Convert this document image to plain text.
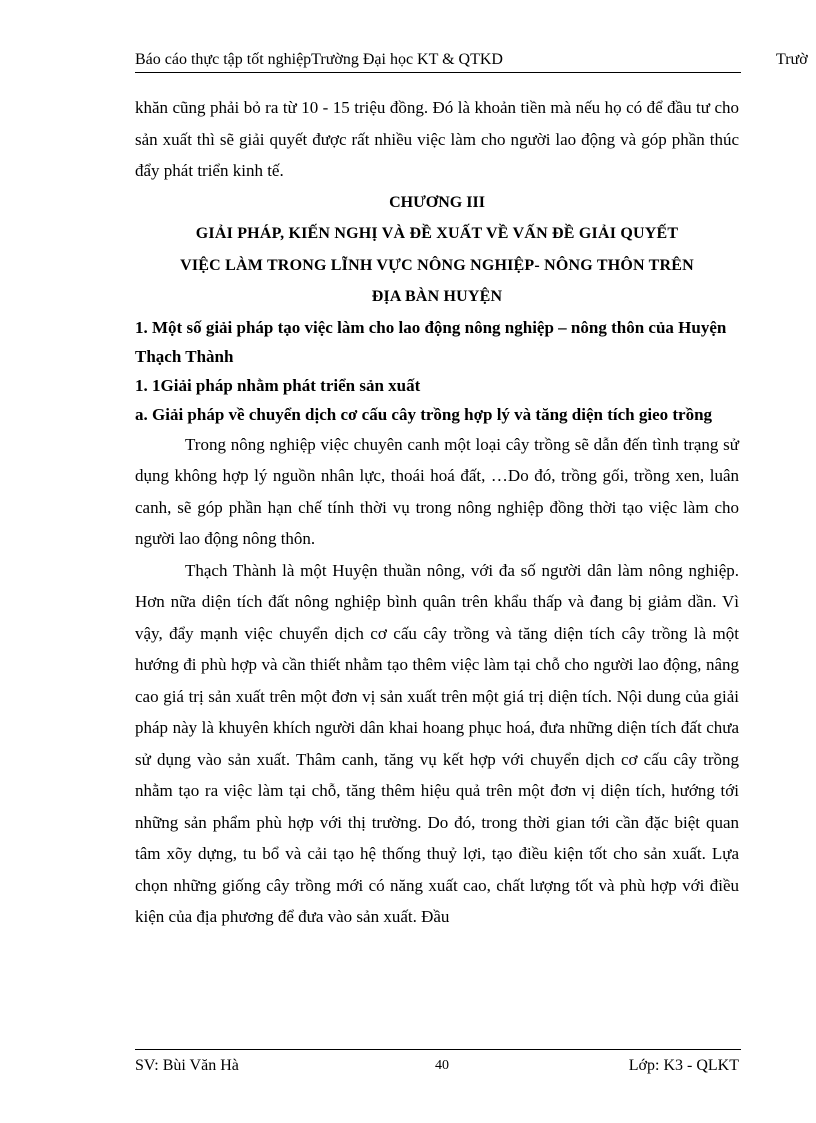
Báo cáo thực tập tốt nghiệpTrường Đại học KT & QTKD	Trườ

khăn cũng phải bỏ ra từ 10 - 15 triệu đồng. Đó là khoản tiền mà nếu họ có để đầu tư cho sản xuất thì sẽ giải quyết được rất nhiều việc làm cho người lao động và góp phần thúc đẩy phát triển kinh tế.

CHƯƠNG III

GIẢI PHÁP, KIẾN NGHỊ VÀ ĐỀ XUẤT VỀ VẤN ĐỀ GIẢI QUYẾT

VIỆC LÀM TRONG LĨNH VỰC NÔNG NGHIỆP- NÔNG THÔN TRÊN

ĐỊA BÀN HUYỆN

1. Một số giải pháp tạo việc làm cho lao động nông nghiệp – nông thôn của Huyện Thạch Thành

1. 1Giải pháp nhằm phát triển sản xuất

a. Giải pháp về chuyển dịch cơ cấu cây trồng hợp lý và tăng diện tích gieo trồng

Trong nông nghiệp việc chuyên canh một loại cây trồng sẽ dẫn đến tình trạng sử dụng không hợp lý nguồn nhân lực, thoái hoá đất, …Do đó, trồng gối, trồng xen, luân canh, sẽ góp phần hạn chế tính thời vụ trong nông nghiệp đồng thời tạo việc làm cho người lao động nông thôn.

Thạch Thành là một Huyện thuần nông, với đa số người dân làm nông nghiệp. Hơn nữa diện tích đất nông nghiệp bình quân trên khẩu thấp và đang bị giảm dần. Vì vậy, đẩy mạnh việc chuyển dịch cơ cấu cây trồng và tăng diện tích cây trồng là một hướng đi phù hợp và cần thiết nhằm tạo thêm việc làm tại chỗ cho người lao động, nâng cao giá trị sản xuất trên một đơn vị sản xuất trên một giá trị diện tích. Nội dung của giải pháp này là khuyên khích người dân khai hoang phục hoá, đưa những diện tích đất chưa sử dụng vào sản xuất. Thâm canh, tăng vụ kết hợp với chuyển dịch cơ cấu cây trồng nhằm tạo ra việc làm tại chỗ, tăng thêm hiệu quả trên một đơn vị diện tích, hướng tới những sản phẩm phù hợp với thị trường. Do đó, trong thời gian tới cần đặc biệt quan tâm xõy dựng, tu bổ và cải tạo hệ thống thuỷ lợi, tạo điều kiện tốt cho sản xuất. Lựa chọn những giống cây trồng mới có năng xuất cao, chất lượng tốt và phù hợp với điều kiện của địa phương để đưa vào sản xuất. Đầu

SV: Bùi Văn Hà	40	Lớp: K3 - QLKT
